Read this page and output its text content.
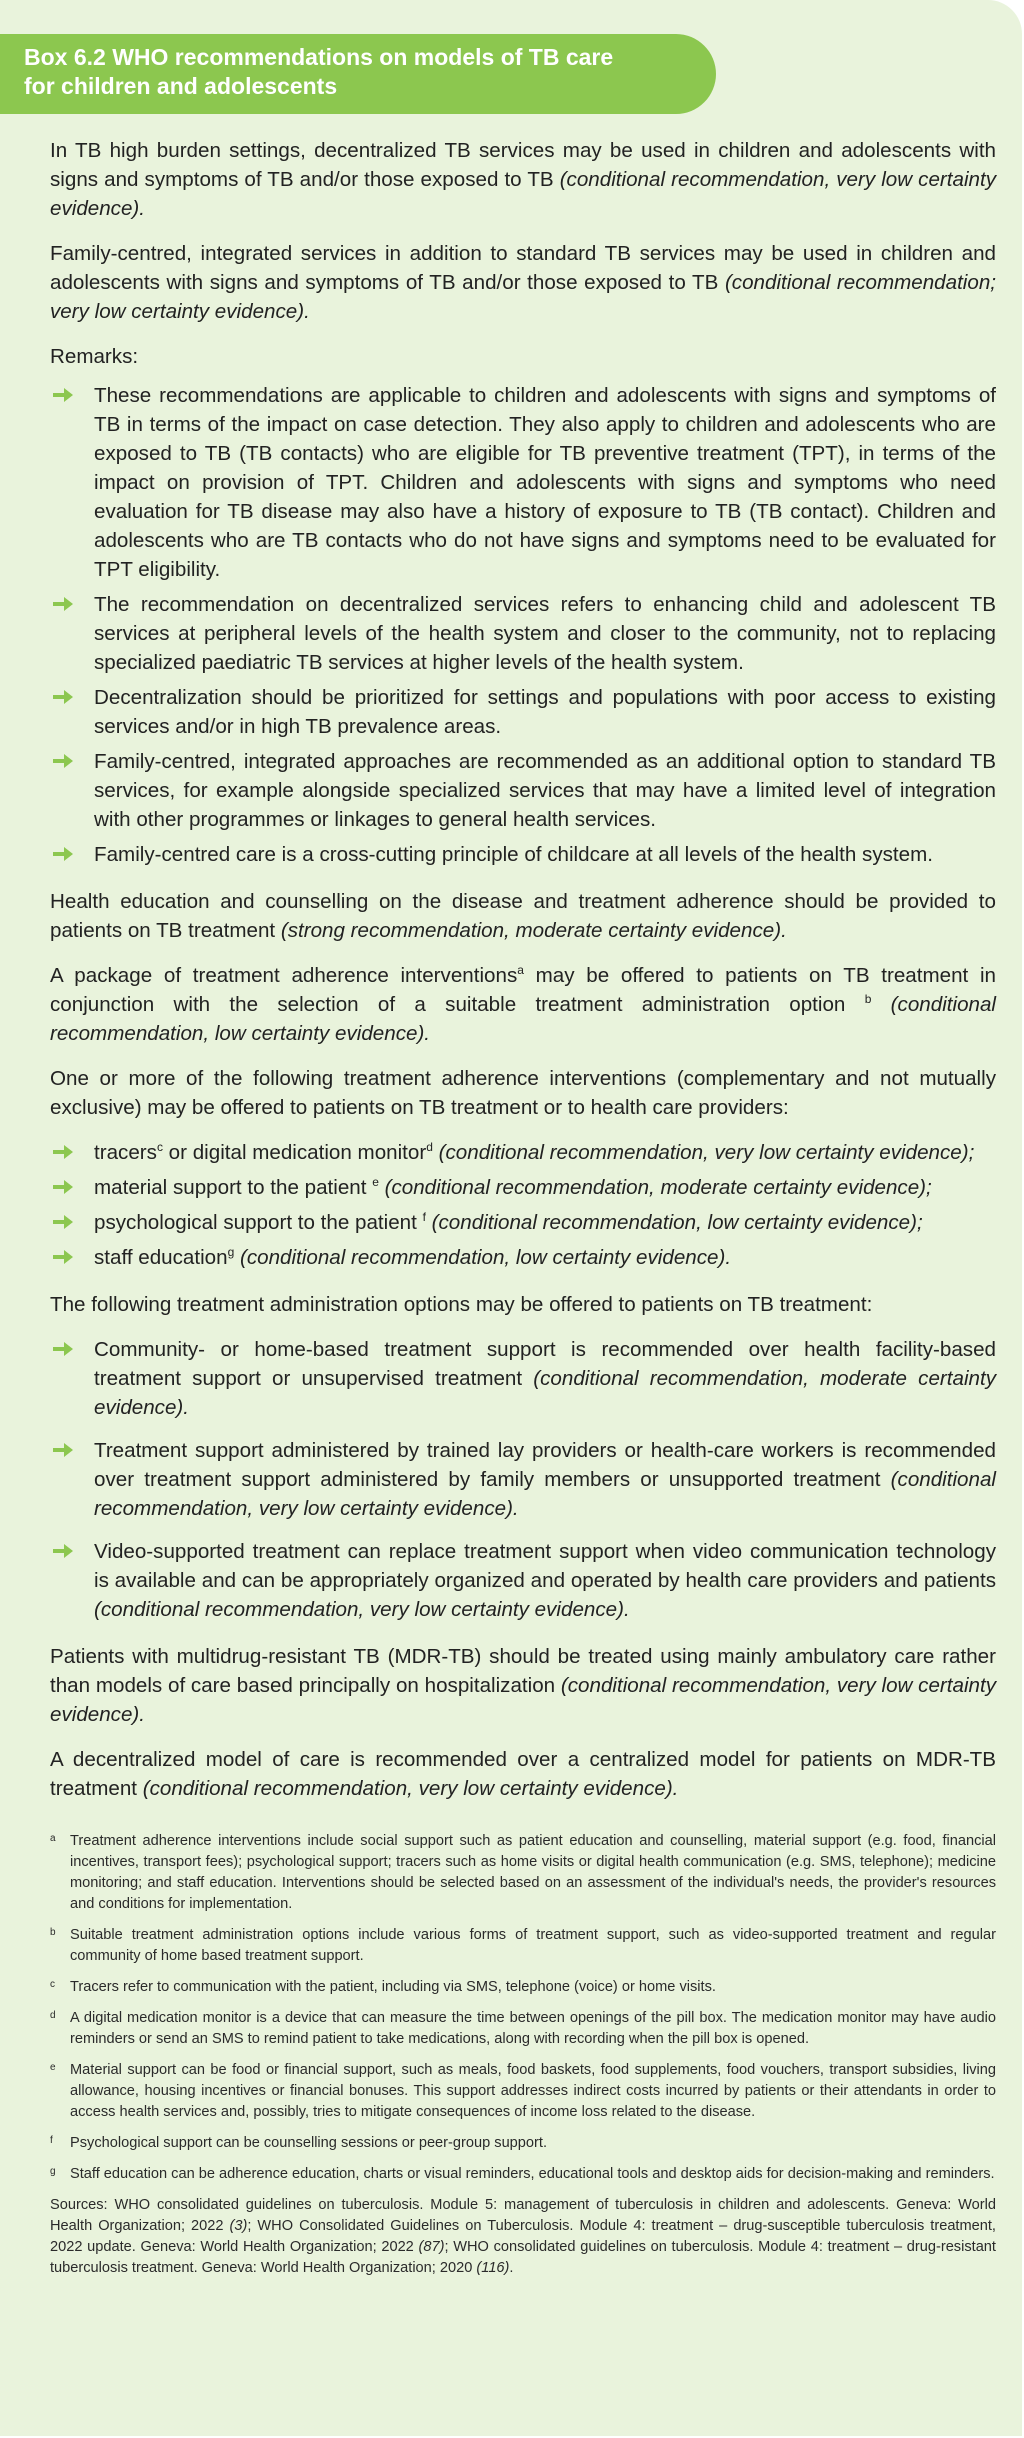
Box 6.2 WHO recommendations on models of TB care
for children and adolescents

In TB high burden settings, decentralized TB services may be used in children and adolescents with signs and symptoms of TB and/or those exposed to TB (conditional recommendation, very low certainty evidence).

Family-centred, integrated services in addition to standard TB services may be used in children and adolescents with signs and symptoms of TB and/or those exposed to TB (conditional recommendation; very low certainty evidence).

Remarks:

These recommendations are applicable to children and adolescents with signs and symptoms of TB in terms of the impact on case detection. They also apply to children and adolescents who are exposed to TB (TB contacts) who are eligible for TB preventive treatment (TPT), in terms of the impact on provision of TPT. Children and adolescents with signs and symptoms who need evaluation for TB disease may also have a history of exposure to TB (TB contact). Children and adolescents who are TB contacts who do not have signs and symptoms need to be evaluated for TPT eligibility.
The recommendation on decentralized services refers to enhancing child and adolescent TB services at peripheral levels of the health system and closer to the community, not to replacing specialized paediatric TB services at higher levels of the health system.
Decentralization should be prioritized for settings and populations with poor access to existing services and/or in high TB prevalence areas.
Family-centred, integrated approaches are recommended as an additional option to standard TB services, for example alongside specialized services that may have a limited level of integration with other programmes or linkages to general health services.
Family-centred care is a cross-cutting principle of childcare at all levels of the health system.

Health education and counselling on the disease and treatment adherence should be provided to patients on TB treatment (strong recommendation, moderate certainty evidence).

A package of treatment adherence interventions$^a$ may be offered to patients on TB treatment in conjunction with the selection of a suitable treatment administration option $^b$ (conditional recommendation, low certainty evidence).

One or more of the following treatment adherence interventions (complementary and not mutually exclusive) may be offered to patients on TB treatment or to health care providers:

tracers$^c$ or digital medication monitor$^d$ (conditional recommendation, very low certainty evidence);
material support to the patient $^e$ (conditional recommendation, moderate certainty evidence);
psychological support to the patient $^f$ (conditional recommendation, low certainty evidence);
staff education$^g$ (conditional recommendation, low certainty evidence).

The following treatment administration options may be offered to patients on TB treatment:

Community- or home-based treatment support is recommended over health facility-based treatment support or unsupervised treatment (conditional recommendation, moderate certainty evidence).
Treatment support administered by trained lay providers or health-care workers is recommended over treatment support administered by family members or unsupported treatment (conditional recommendation, very low certainty evidence).
Video-supported treatment can replace treatment support when video communication technology is available and can be appropriately organized and operated by health care providers and patients (conditional recommendation, very low certainty evidence).

Patients with multidrug-resistant TB (MDR-TB) should be treated using mainly ambulatory care rather than models of care based principally on hospitalization (conditional recommendation, very low certainty evidence).

A decentralized model of care is recommended over a centralized model for patients on MDR-TB treatment (conditional recommendation, very low certainty evidence).

a Treatment adherence interventions include social support such as patient education and counselling, material support (e.g. food, financial incentives, transport fees); psychological support; tracers such as home visits or digital health communication (e.g. SMS, telephone); medicine monitoring; and staff education. Interventions should be selected based on an assessment of the individual's needs, the provider's resources and conditions for implementation.
b Suitable treatment administration options include various forms of treatment support, such as video-supported treatment and regular community of home based treatment support.
c Tracers refer to communication with the patient, including via SMS, telephone (voice) or home visits.
d A digital medication monitor is a device that can measure the time between openings of the pill box. The medication monitor may have audio reminders or send an SMS to remind patient to take medications, along with recording when the pill box is opened.
e Material support can be food or financial support, such as meals, food baskets, food supplements, food vouchers, transport subsidies, living allowance, housing incentives or financial bonuses. This support addresses indirect costs incurred by patients or their attendants in order to access health services and, possibly, tries to mitigate consequences of income loss related to the disease.
f Psychological support can be counselling sessions or peer-group support.
g Staff education can be adherence education, charts or visual reminders, educational tools and desktop aids for decision-making and reminders.
Sources: WHO consolidated guidelines on tuberculosis. Module 5: management of tuberculosis in children and adolescents. Geneva: World Health Organization; 2022 (3); WHO Consolidated Guidelines on Tuberculosis. Module 4: treatment – drug-susceptible tuberculosis treatment, 2022 update. Geneva: World Health Organization; 2022 (87); WHO consolidated guidelines on tuberculosis. Module 4: treatment – drug-resistant tuberculosis treatment. Geneva: World Health Organization; 2020 (116).
